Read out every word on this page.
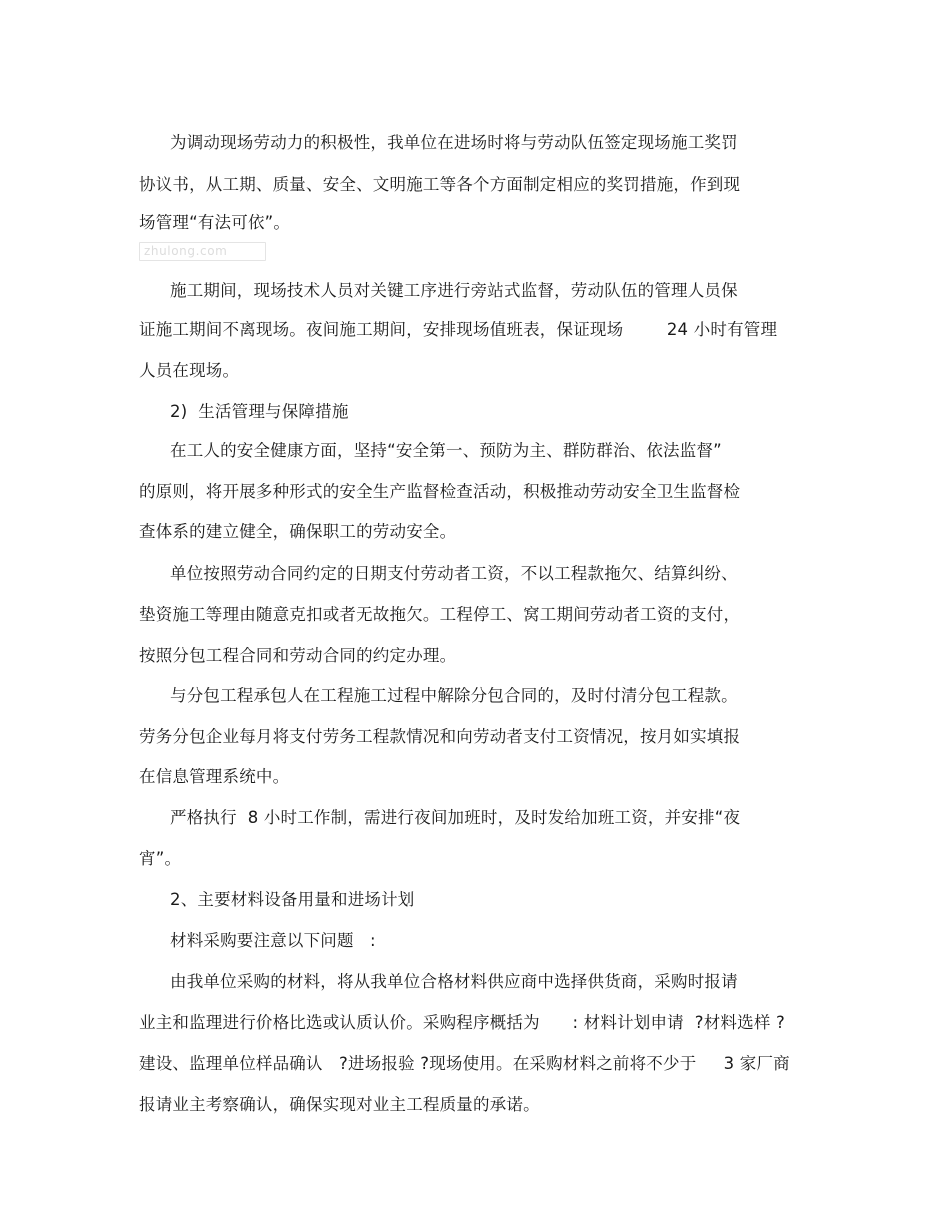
为调动现场劳动力的积极性，我单位在进场时将与劳动队伍签定现场施工奖罚
协议书，从工期、质量、安全、文明施工等各个方面制定相应的奖罚措施，作到现
场管理“有法可依”。
zhulong.com
施工期间，现场技术人员对关键工序进行旁站式监督，劳动队伍的管理人员保
证施工期间不离现场。夜间施工期间，安排现场值班表，保证现场        24 小时有管理
人员在现场。
2)  生活管理与保障措施
在工人的安全健康方面，坚持“安全第一、预防为主、群防群治、依法监督”
的原则，将开展多种形式的安全生产监督检查活动，积极推动劳动安全卫生监督检
查体系的建立健全，确保职工的劳动安全。
单位按照劳动合同约定的日期支付劳动者工资，不以工程款拖欠、结算纠纷、
垫资施工等理由随意克扣或者无故拖欠。工程停工、窝工期间劳动者工资的支付，
按照分包工程合同和劳动合同的约定办理。
与分包工程承包人在工程施工过程中解除分包合同的，及时付清分包工程款。
劳务分包企业每月将支付劳务工程款情况和向劳动者支付工资情况，按月如实填报
在信息管理系统中。
严格执行  8 小时工作制，需进行夜间加班时，及时发给加班工资，并安排“夜
宵”。
2、主要材料设备用量和进场计划
材料采购要注意以下问题   :
由我单位采购的材料，将从我单位合格材料供应商中选择供货商，采购时报请
业主和监理进行价格比选或认质认价。采购程序概括为      : 材料计划申请  ?材料选样 ?
建设、监理单位样品确认   ?进场报验 ?现场使用。在采购材料之前将不少于     3 家厂商
报请业主考察确认，确保实现对业主工程质量的承诺。
